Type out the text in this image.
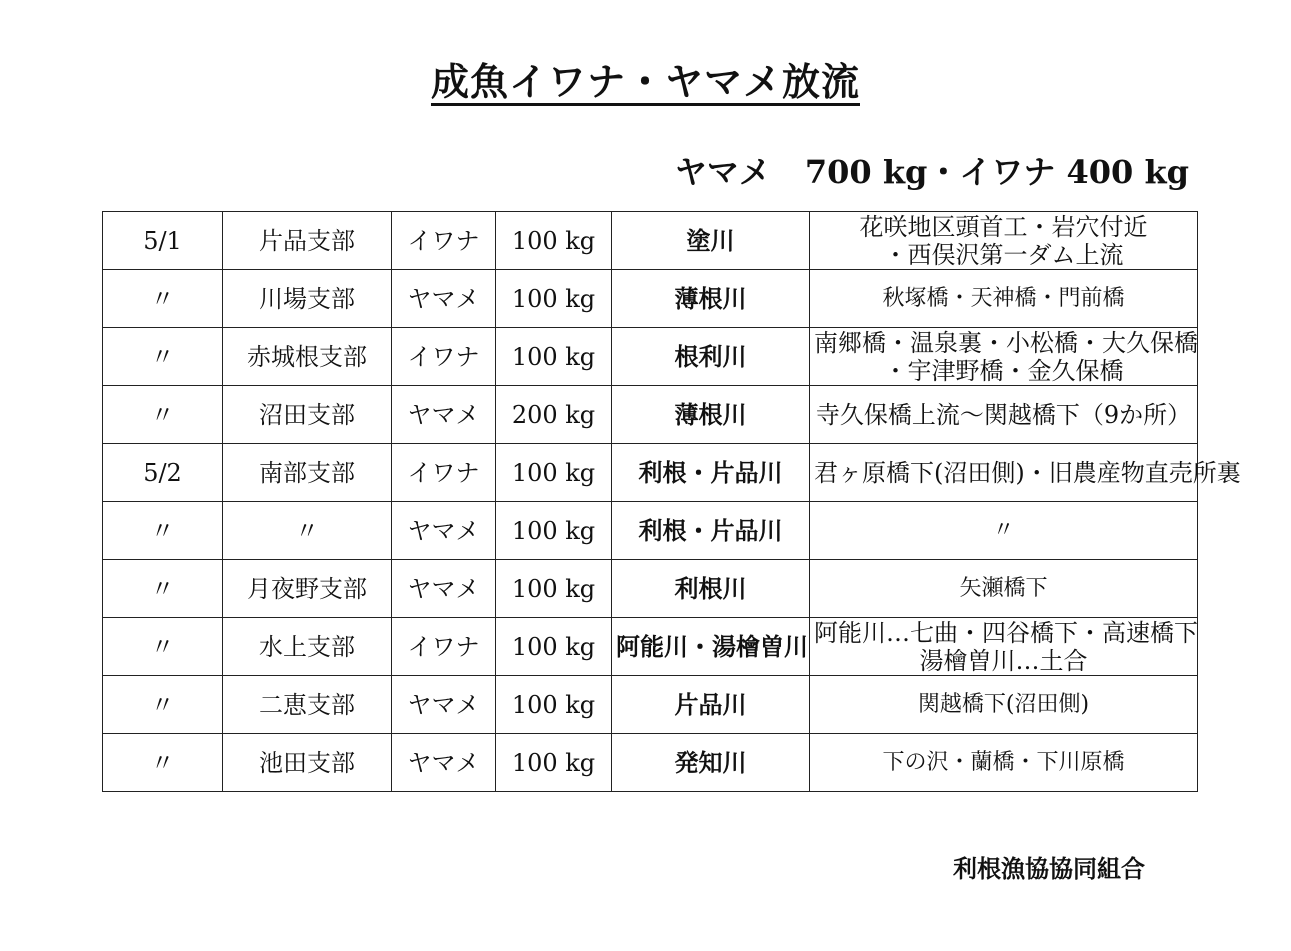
成魚イワナ・ヤマメ放流
ヤマメ 700 kg・イワナ 400 kg
5/1	片品支部	イワナ	100 kg	塗川	花咲地区頭首工・岩穴付近
・西俣沢第一ダム上流

〃	川場支部	ヤマメ	100 kg	薄根川	秋塚橋・天神橋・門前橋

〃	赤城根支部	イワナ	100 kg	根利川	南郷橋・温泉裏・小松橋・大久保橋
・宇津野橋・金久保橋

〃	沼田支部	ヤマメ	200 kg	薄根川	寺久保橋上流～関越橋下（9か所）

5/2	南部支部	イワナ	100 kg	利根・片品川	君ヶ原橋下(沼田側)・旧農産物直売所裏

〃	〃	ヤマメ	100 kg	利根・片品川	〃

〃	月夜野支部	ヤマメ	100 kg	利根川	矢瀬橋下

〃	水上支部	イワナ	100 kg	阿能川・湯檜曽川	阿能川…七曲・四谷橋下・高速橋下
湯檜曽川…土合

〃	二恵支部	ヤマメ	100 kg	片品川	関越橋下(沼田側)

〃	池田支部	ヤマメ	100 kg	発知川	下の沢・蘭橋・下川原橋
利根漁協協同組合
